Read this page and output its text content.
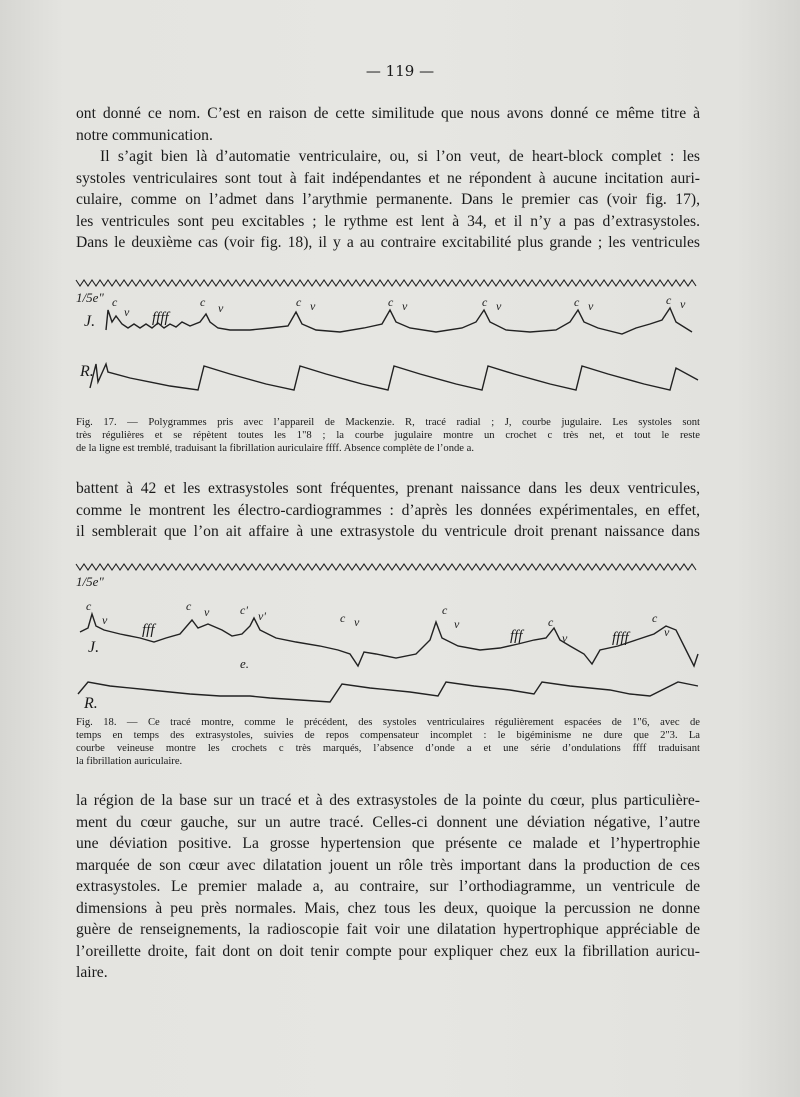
— 119 —
ont donné ce nom. C’est en raison de cette similitude que nous avons donné ce même titre à
notre communication.
Il s’agit bien là d’automatie ventriculaire, ou, si l’on veut, de heart-block complet : les
systoles ventriculaires sont tout à fait indépendantes et ne répondent à aucune incitation auri-
culaire, comme on l’admet dans l’arythmie permanente. Dans le premier cas (voir fig. 17),
les ventricules sont peu excitables ; le rythme est lent à 34, et il n’y a pas d’extrasystoles.
Dans le deuxième cas (voir fig. 18), il y a au contraire excitabilité plus grande ; les ventricules
1/5e"
J.
c
v ffff
c v	c v	c v	c v	c v	c v
R.
Fig. 17. — Polygrammes pris avec l’appareil de Mackenzie. R, tracé radial ; J, courbe jugulaire. Les systoles sont
très régulières et se répètent toutes les 1"8 ; la courbe jugulaire montre un crochet c très net, et tout le reste
de la ligne est tremblé, traduisant la fibrillation auriculaire ffff. Absence complète de l’onde a.
battent à 42 et les extrasystoles sont fréquentes, prenant naissance dans les deux ventricules,
comme le montrent les électro-cardiogrammes : d’après les données expérimentales, en effet,
il semblerait que l’on ait affaire à une extrasystole du ventricule droit prenant naissance dans
1/5e"
J.
c
v
fff
c v	c' v'
e.
c v
c
v
fff
c
v	ffff
c
v
R.
Fig. 18. — Ce tracé montre, comme le précédent, des systoles ventriculaires régulièrement espacées de 1"6, avec de
temps en temps des extrasystoles, suivies de repos compensateur incomplet : le bigéminisme ne dure que 2"3. La
courbe veineuse montre les crochets c très marqués, l’absence d’onde a et une série d’ondulations ffff traduisant
la fibrillation auriculaire.
la région de la base sur un tracé et à des extrasystoles de la pointe du cœur, plus particulière-
ment du cœur gauche, sur un autre tracé. Celles-ci donnent une déviation négative, l’autre
une déviation positive. La grosse hypertension que présente ce malade et l’hypertrophie
marquée de son cœur avec dilatation jouent un rôle très important dans la production de ces
extrasystoles. Le premier malade a, au contraire, sur l’orthodiagramme, un ventricule de
dimensions à peu près normales. Mais, chez tous les deux, quoique la percussion ne donne
guère de renseignements, la radioscopie fait voir une dilatation hypertrophique appréciable de
l’oreillette droite, fait dont on doit tenir compte pour expliquer chez eux la fibrillation auricu-
laire.
